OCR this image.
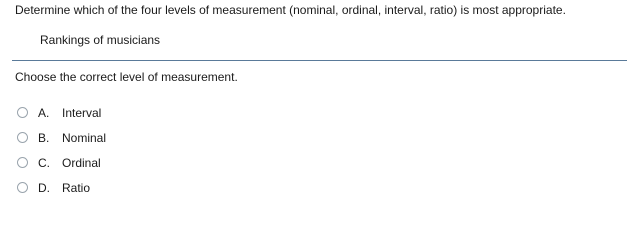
Determine which of the four levels of measurement (nominal, ordinal, interval, ratio) is most appropriate.
Rankings of musicians
Choose the correct level of measurement.
A.	Interval
B.	Nominal
C.	Ordinal
D.	Ratio
